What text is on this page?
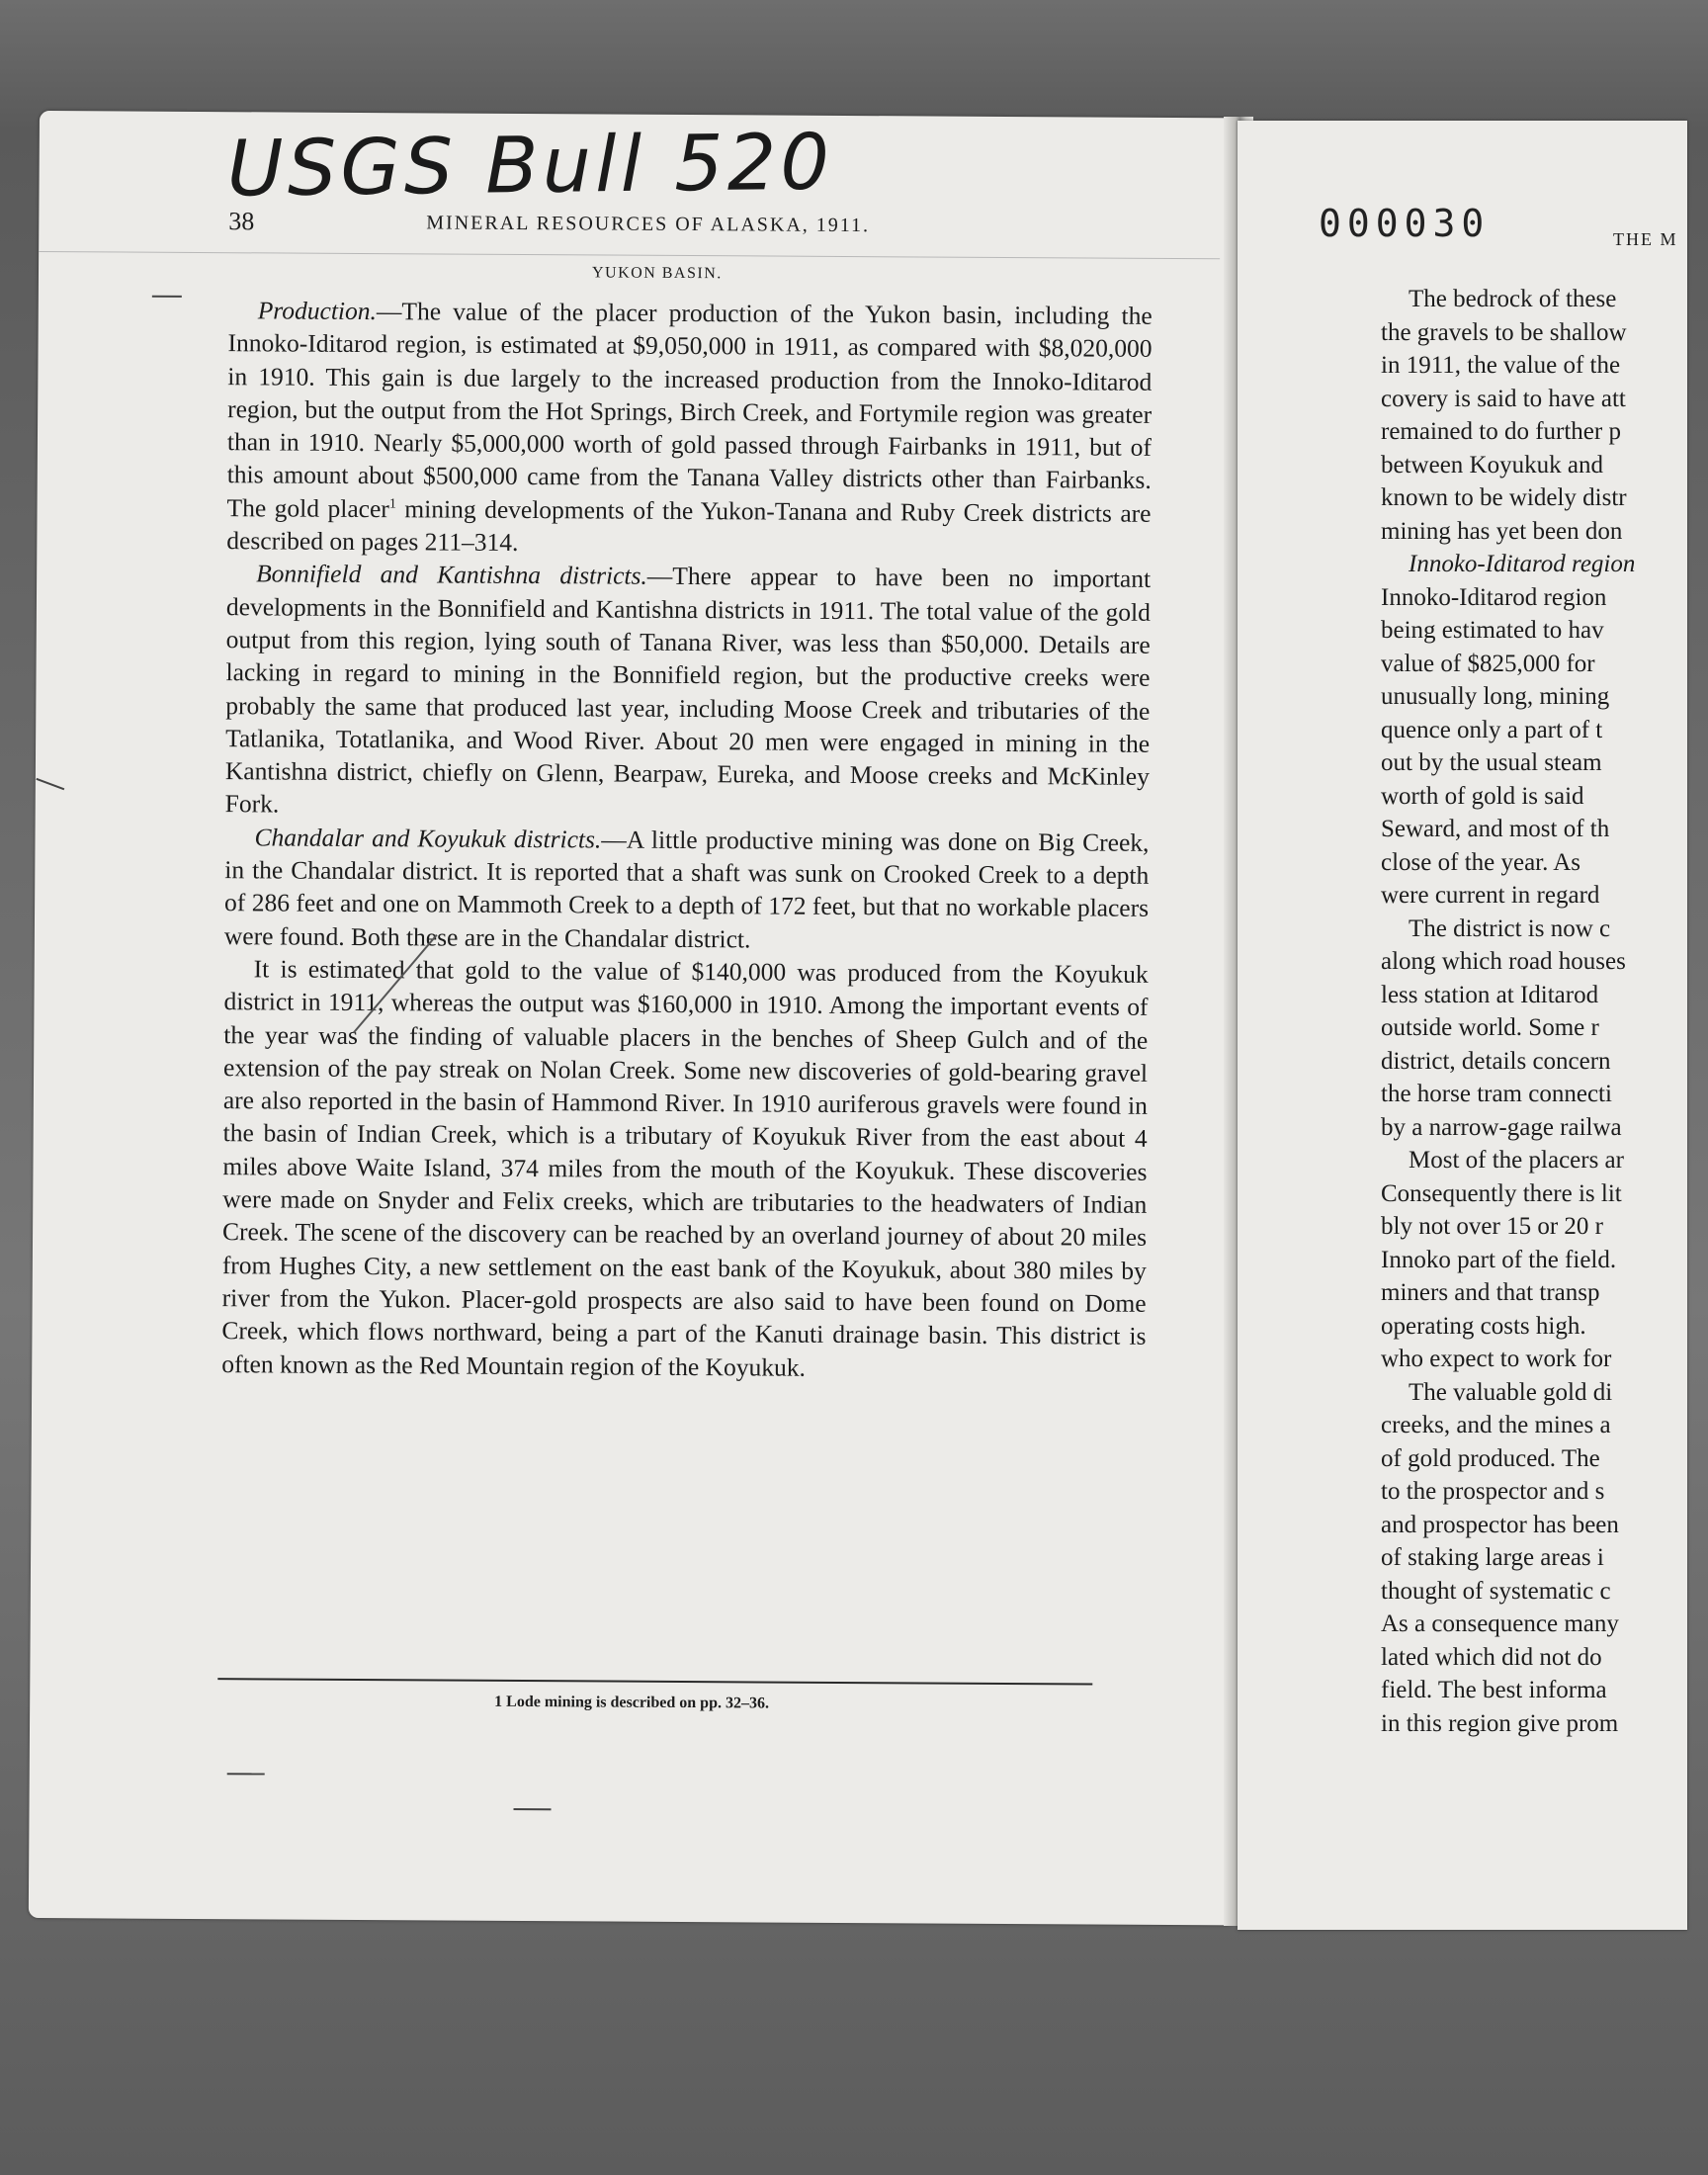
USGS Bull 520
38	MINERAL RESOURCES OF ALASKA, 1911.
YUKON BASIN.

Production.—The value of the placer production of the Yukon basin, including the Innoko-Iditarod region, is estimated at $9,050,000 in 1911, as compared with $8,020,000 in 1910. This gain is due largely to the increased production from the Innoko-Iditarod region, but the output from the Hot Springs, Birch Creek, and Fortymile region was greater than in 1910. Nearly $5,000,000 worth of gold passed through Fairbanks in 1911, but of this amount about $500,000 came from the Tanana Valley districts other than Fairbanks. The gold placer$^1$ mining developments of the Yukon-Tanana and Ruby Creek districts are described on pages 211–314.

Bonnifield and Kantishna districts.—There appear to have been no important developments in the Bonnifield and Kantishna districts in 1911. The total value of the gold output from this region, lying south of Tanana River, was less than $50,000. Details are lacking in regard to mining in the Bonnifield region, but the productive creeks were probably the same that produced last year, including Moose Creek and tributaries of the Tatlanika, Totatlanika, and Wood River. About 20 men were engaged in mining in the Kantishna district, chiefly on Glenn, Bearpaw, Eureka, and Moose creeks and McKinley Fork.

Chandalar and Koyukuk districts.—A little productive mining was done on Big Creek, in the Chandalar district. It is reported that a shaft was sunk on Crooked Creek to a depth of 286 feet and one on Mammoth Creek to a depth of 172 feet, but that no workable placers were found. Both these are in the Chandalar district.

It is estimated that gold to the value of $140,000 was produced from the Koyukuk district in 1911, whereas the output was $160,000 in 1910. Among the important events of the year was the finding of valuable placers in the benches of Sheep Gulch and of the extension of the pay streak on Nolan Creek. Some new discoveries of gold-bearing gravel are also reported in the basin of Hammond River. In 1910 auriferous gravels were found in the basin of Indian Creek, which is a tributary of Koyukuk River from the east about 4 miles above Waite Island, 374 miles from the mouth of the Koyukuk. These discoveries were made on Snyder and Felix creeks, which are tributaries to the headwaters of Indian Creek. The scene of the discovery can be reached by an overland journey of about 20 miles from Hughes City, a new settlement on the east bank of the Koyukuk, about 380 miles by river from the Yukon. Placer-gold prospects are also said to have been found on Dome Creek, which flows northward, being a part of the Kanuti drainage basin. This district is often known as the Red Mountain region of the Koyukuk.

1 Lode mining is described on pp. 32–36.
000030	THE M
The bedrock of these
the gravels to be shallow
in 1911, the value of the
covery is said to have att
remained to do further p
between Koyukuk and
known to be widely distr
mining has yet been don
Innoko-Iditarod region
Innoko-Iditarod region
being estimated to hav
value of $825,000 for
unusually long, mining
quence only a part of t
out by the usual steam
worth of gold is said
Seward, and most of th
close of the year. As
were current in regard
The district is now c
along which road houses
less station at Iditarod
outside world. Some r
district, details concern
the horse tram connecti
by a narrow-gage railwa
Most of the placers ar
Consequently there is lit
bly not over 15 or 20 r
Innoko part of the field.
miners and that transp
operating costs high.
who expect to work for
The valuable gold di
creeks, and the mines a
of gold produced. The
to the prospector and s
and prospector has been
of staking large areas i
thought of systematic c
As a consequence many
lated which did not do
field. The best informa
in this region give prom
